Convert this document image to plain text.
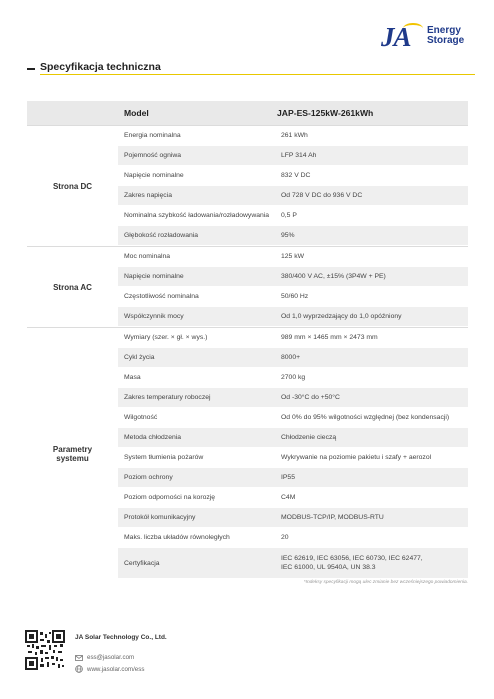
JA Energy
Storage
Specyfikacja techniczna
Model	JAP-ES-125kW-261kWh
Strona DC
Energia nominalna	261 kWh
Pojemność ogniwa	LFP 314 Ah
Napięcie nominalne	832 V DC
Zakres napięcia	Od 728 V DC do 936 V DC
Nominalna szybkość ładowania/rozładowywania	0,5 P
Głębokość rozładowania	95%
Strona AC
Moc nominalna	125 kW
Napięcie nominalne	380/400 V AC, ±15% (3P4W + PE)
Częstotliwość nominalna	50/60 Hz
Współczynnik mocy	Od 1,0 wyprzedzający do 1,0 opóźniony
Parametry systemu
Wymiary (szer. × gł. × wys.)	989 mm × 1465 mm × 2473 mm
Cykl życia	8000+
Masa	2700 kg
Zakres temperatury roboczej	Od -30°C do +50°C
Wilgotność	Od 0% do 95% wilgotności względnej (bez kondensacji)
Metoda chłodzenia	Chłodzenie cieczą
System tłumienia pożarów	Wykrywanie na poziomie pakietu i szafy + aerozol
Poziom ochrony	IP55
Poziom odporności na korozję	C4M
Protokół komunikacyjny	MODBUS-TCP/IP, MODBUS-RTU
Maks. liczba układów równoległych	20
Certyfikacja
IEC 62619, IEC 63056, IEC 60730, IEC 62477,
IEC 61000, UL 9540A, UN 38.3
*Indeksy specyfikacji mogą ulec zmianie bez wcześniejszego powiadomienia.
JA Solar Technology Co., Ltd.
ess@jasolar.com
www.jasolar.com/ess
